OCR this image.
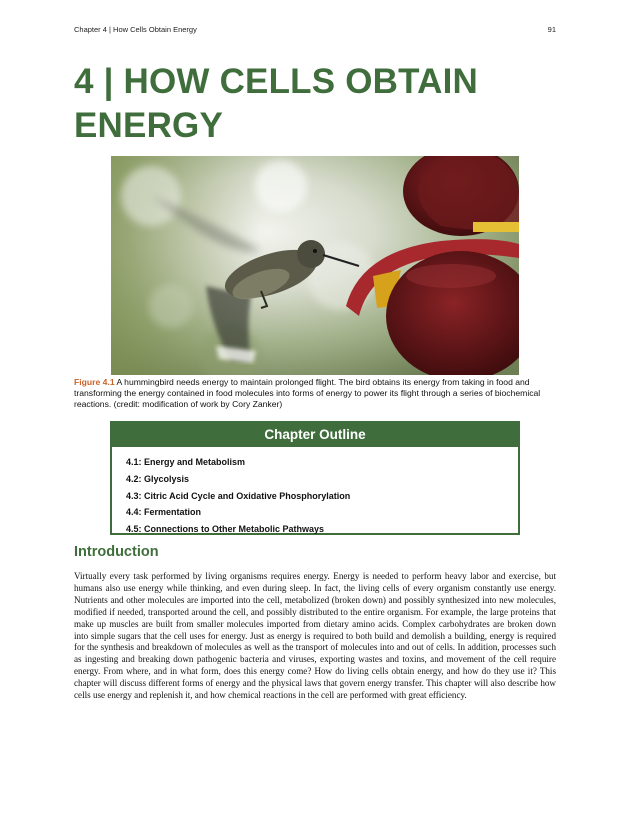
Chapter 4 | How Cells Obtain Energy	91
4 | HOW CELLS OBTAIN ENERGY

Figure 4.1 A hummingbird needs energy to maintain prolonged flight. The bird obtains its energy from taking in food and transforming the energy contained in food molecules into forms of energy to power its flight through a series of biochemical reactions. (credit: modification of work by Cory Zanker)

Chapter Outline
4.1: Energy and Metabolism
4.2: Glycolysis
4.3: Citric Acid Cycle and Oxidative Phosphorylation
4.4: Fermentation
4.5: Connections to Other Metabolic Pathways
Introduction

Virtually every task performed by living organisms requires energy. Energy is needed to perform heavy labor and exercise, but humans also use energy while thinking, and even during sleep. In fact, the living cells of every organism constantly use energy. Nutrients and other molecules are imported into the cell, metabolized (broken down) and possibly synthesized into new molecules, modified if needed, transported around the cell, and possibly distributed to the entire organism. For example, the large proteins that make up muscles are built from smaller molecules imported from dietary amino acids. Complex carbohydrates are broken down into simple sugars that the cell uses for energy. Just as energy is required to both build and demolish a building, energy is required for the synthesis and breakdown of molecules as well as the transport of molecules into and out of cells. In addition, processes such as ingesting and breaking down pathogenic bacteria and viruses, exporting wastes and toxins, and movement of the cell require energy. From where, and in what form, does this energy come? How do living cells obtain energy, and how do they use it? This chapter will discuss different forms of energy and the physical laws that govern energy transfer. This chapter will also describe how cells use energy and replenish it, and how chemical reactions in the cell are performed with great efficiency.
